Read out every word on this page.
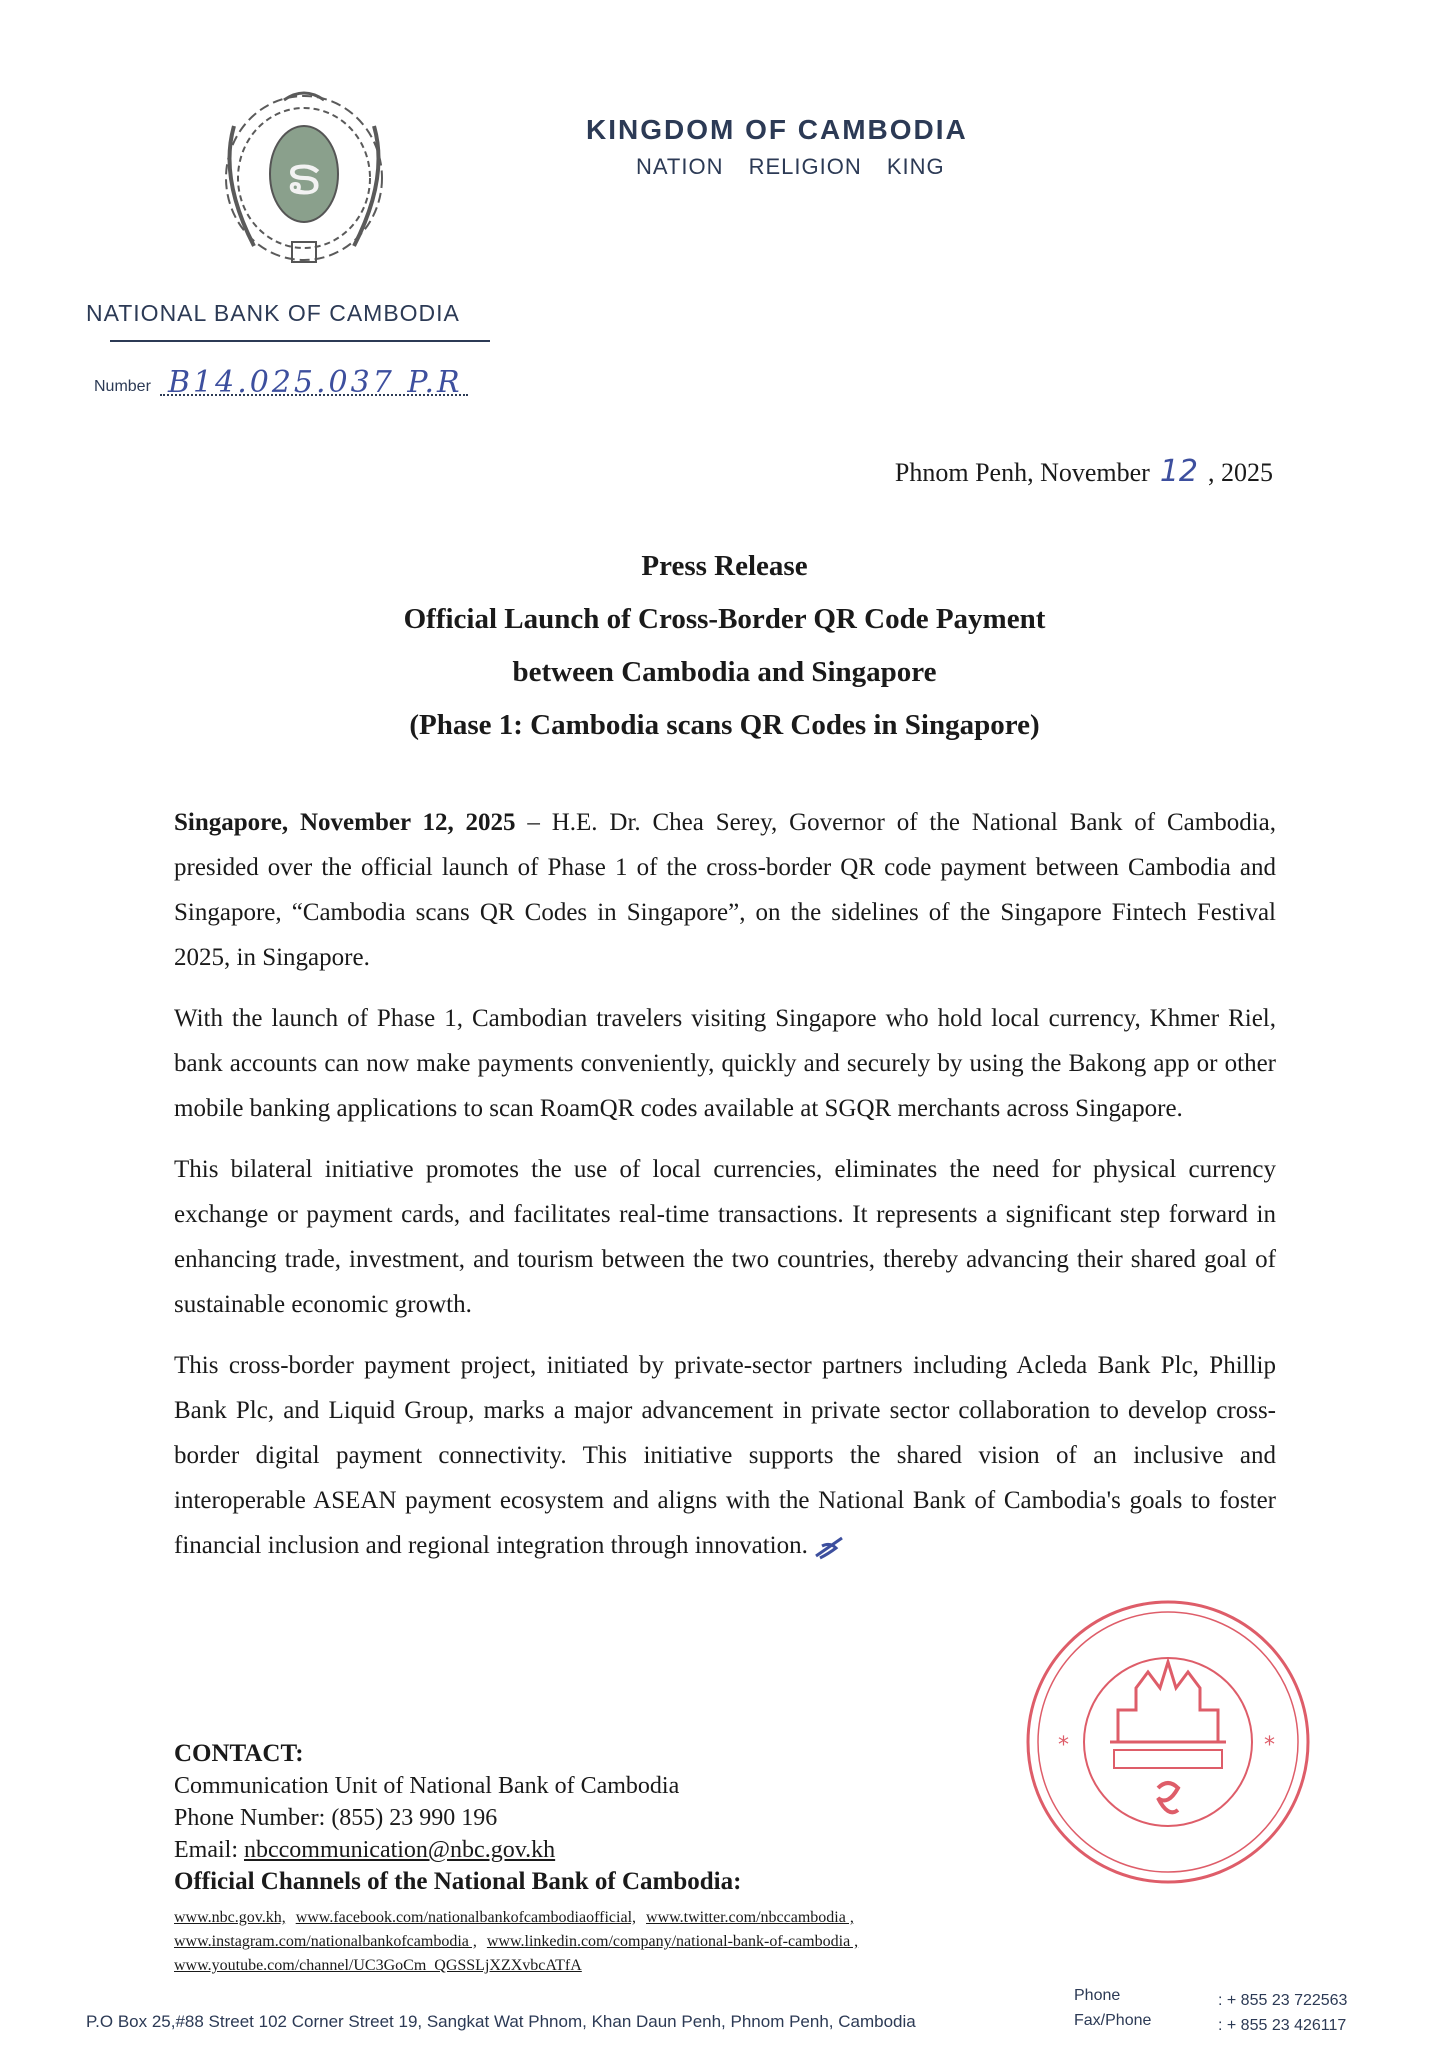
ຣ
KINGDOM OF CAMBODIA
NATION RELIGION KING
NATIONAL BANK OF CAMBODIA
Number B14.025.037 P.R
Phnom Penh, November 12 , 2025
Press Release
Official Launch of Cross-Border QR Code Payment
between Cambodia and Singapore
(Phase 1: Cambodia scans QR Codes in Singapore)

Singapore, November 12, 2025 – H.E. Dr. Chea Serey, Governor of the National Bank of Cambodia, presided over the official launch of Phase 1 of the cross-border QR code payment between Cambodia and Singapore, “Cambodia scans QR Codes in Singapore”, on the sidelines of the Singapore Fintech Festival 2025, in Singapore.

With the launch of Phase 1, Cambodian travelers visiting Singapore who hold local currency, Khmer Riel, bank accounts can now make payments conveniently, quickly and securely by using the Bakong app or other mobile banking applications to scan RoamQR codes available at SGQR merchants across Singapore.

This bilateral initiative promotes the use of local currencies, eliminates the need for physical currency exchange or payment cards, and facilitates real-time transactions. It represents a significant step forward in enhancing trade, investment, and tourism between the two countries, thereby advancing their shared goal of sustainable economic growth.

This cross-border payment project, initiated by private-sector partners including Acleda Bank Plc, Phillip Bank Plc, and Liquid Group, marks a major advancement in private sector collaboration to develop cross-border digital payment connectivity. This initiative supports the shared vision of an inclusive and interoperable ASEAN payment ecosystem and aligns with the National Bank of Cambodia's goals to foster financial inclusion and regional integration through innovation.

CONTACT:
Communication Unit of National Bank of Cambodia
Phone Number: (855) 23 990 196
Email: nbccommunication@nbc.gov.kh
Official Channels of the National Bank of Cambodia:
www.nbc.gov.kh, www.facebook.com/nationalbankofcambodiaofficial, www.twitter.com/nbccambodia ,
www.instagram.com/nationalbankofcambodia , www.linkedin.com/company/national-bank-of-cambodia ,
www.youtube.com/channel/UC3GoCm_QGSSLjXZXvbcATfA
*	*
Phone
P.O Box 25,#88 Street 102 Corner Street 19, Sangkat Wat Phnom, Khan Daun Penh, Phnom Penh, Cambodia	Fax/Phone
: + 855 23 722563
: + 855 23 426117
